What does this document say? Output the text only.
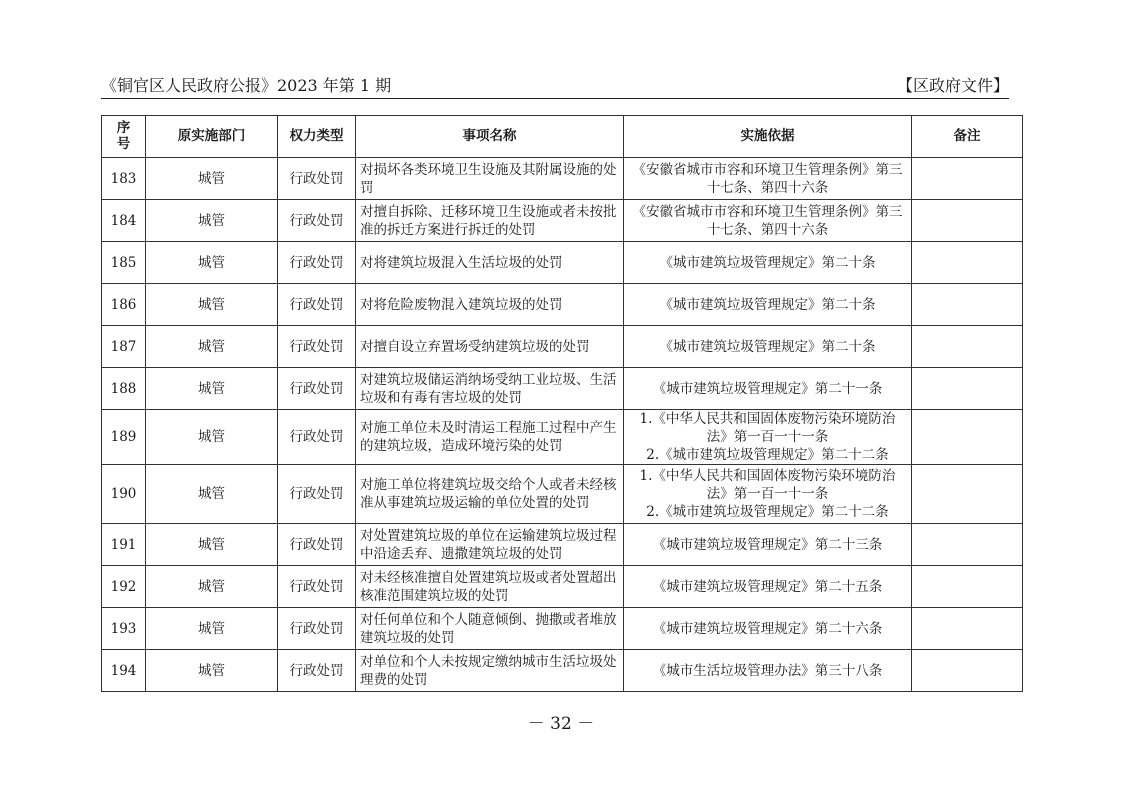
《铜官区人民政府公报》2023 年第 1 期	【区政府文件】
序号	原实施部门	权力类型	事项名称	实施依据	备注
183	城管	行政处罚	对损坏各类环境卫生设施及其附属设施的处罚	《安徽省城市市容和环境卫生管理条例》第三十七条、第四十六条	
184	城管	行政处罚	对擅自拆除、迁移环境卫生设施或者未按批准的拆迁方案进行拆迁的处罚	《安徽省城市市容和环境卫生管理条例》第三十七条、第四十六条	
185	城管	行政处罚	对将建筑垃圾混入生活垃圾的处罚	《城市建筑垃圾管理规定》第二十条	
186	城管	行政处罚	对将危险废物混入建筑垃圾的处罚	《城市建筑垃圾管理规定》第二十条	
187	城管	行政处罚	对擅自设立弃置场受纳建筑垃圾的处罚	《城市建筑垃圾管理规定》第二十条	
188	城管	行政处罚	对建筑垃圾储运消纳场受纳工业垃圾、生活垃圾和有毒有害垃圾的处罚	《城市建筑垃圾管理规定》第二十一条	
189	城管	行政处罚	对施工单位未及时清运工程施工过程中产生的建筑垃圾，造成环境污染的处罚	1.《中华人民共和国固体废物污染环境防治
法》第一百一十一条
2.《城市建筑垃圾管理规定》第二十二条	

190	城管	行政处罚	对施工单位将建筑垃圾交给个人或者未经核准从事建筑垃圾运输的单位处置的处罚	1.《中华人民共和国固体废物污染环境防治
法》第一百一十一条
2.《城市建筑垃圾管理规定》第二十二条	

191	城管	行政处罚	对处置建筑垃圾的单位在运输建筑垃圾过程中沿途丢弃、遗撒建筑垃圾的处罚	《城市建筑垃圾管理规定》第二十三条	
192	城管	行政处罚	对未经核准擅自处置建筑垃圾或者处置超出核准范围建筑垃圾的处罚	《城市建筑垃圾管理规定》第二十五条	
193	城管	行政处罚	对任何单位和个人随意倾倒、抛撒或者堆放建筑垃圾的处罚	《城市建筑垃圾管理规定》第二十六条	
194	城管	行政处罚	对单位和个人未按规定缴纳城市生活垃圾处理费的处罚	《城市生活垃圾管理办法》第三十八条	
－ 32 －
